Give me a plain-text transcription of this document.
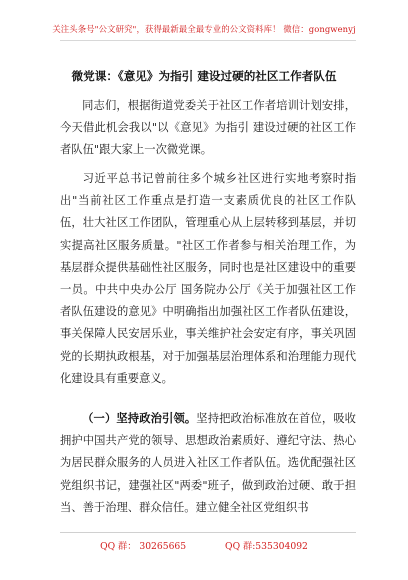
关注头条号"公文研究"，获得最新最全最专业的公文资料库！ 微信：gongwenyj
微党课：《意见》为指引 建设过硬的社区工作者队伍

同志们，根据街道党委关于社区工作者培训计划安排，今天借此机会我以"以《意见》为指引 建设过硬的社区工作者队伍"跟大家上一次微党课。

习近平总书记曾前往多个城乡社区进行实地考察时指出"当前社区工作重点是打造一支素质优良的社区工作队伍，壮大社区工作团队，管理重心从上层转移到基层，并切实提高社区服务质量。"社区工作者参与相关治理工作，为基层群众提供基础性社区服务，同时也是社区建设中的重要一员。中共中央办公厅 国务院办公厅《关于加强社区工作者队伍建设的意见》中明确指出加强社区工作者队伍建设，事关保障人民安居乐业，事关维护社会安定有序，事关巩固党的长期执政根基，对于加强基层治理体系和治理能力现代化建设具有重要意义。

（一）坚持政治引领。坚持把政治标准放在首位，吸收拥护中国共产党的领导、思想政治素质好、遵纪守法、热心为居民群众服务的人员进入社区工作者队伍。选优配强社区党组织书记，建强社区"两委"班子，做到政治过硬、敢于担当、善于治理、群众信任。建立健全社区党组织书

QQ 群： 30265665	QQ 群:535304092
